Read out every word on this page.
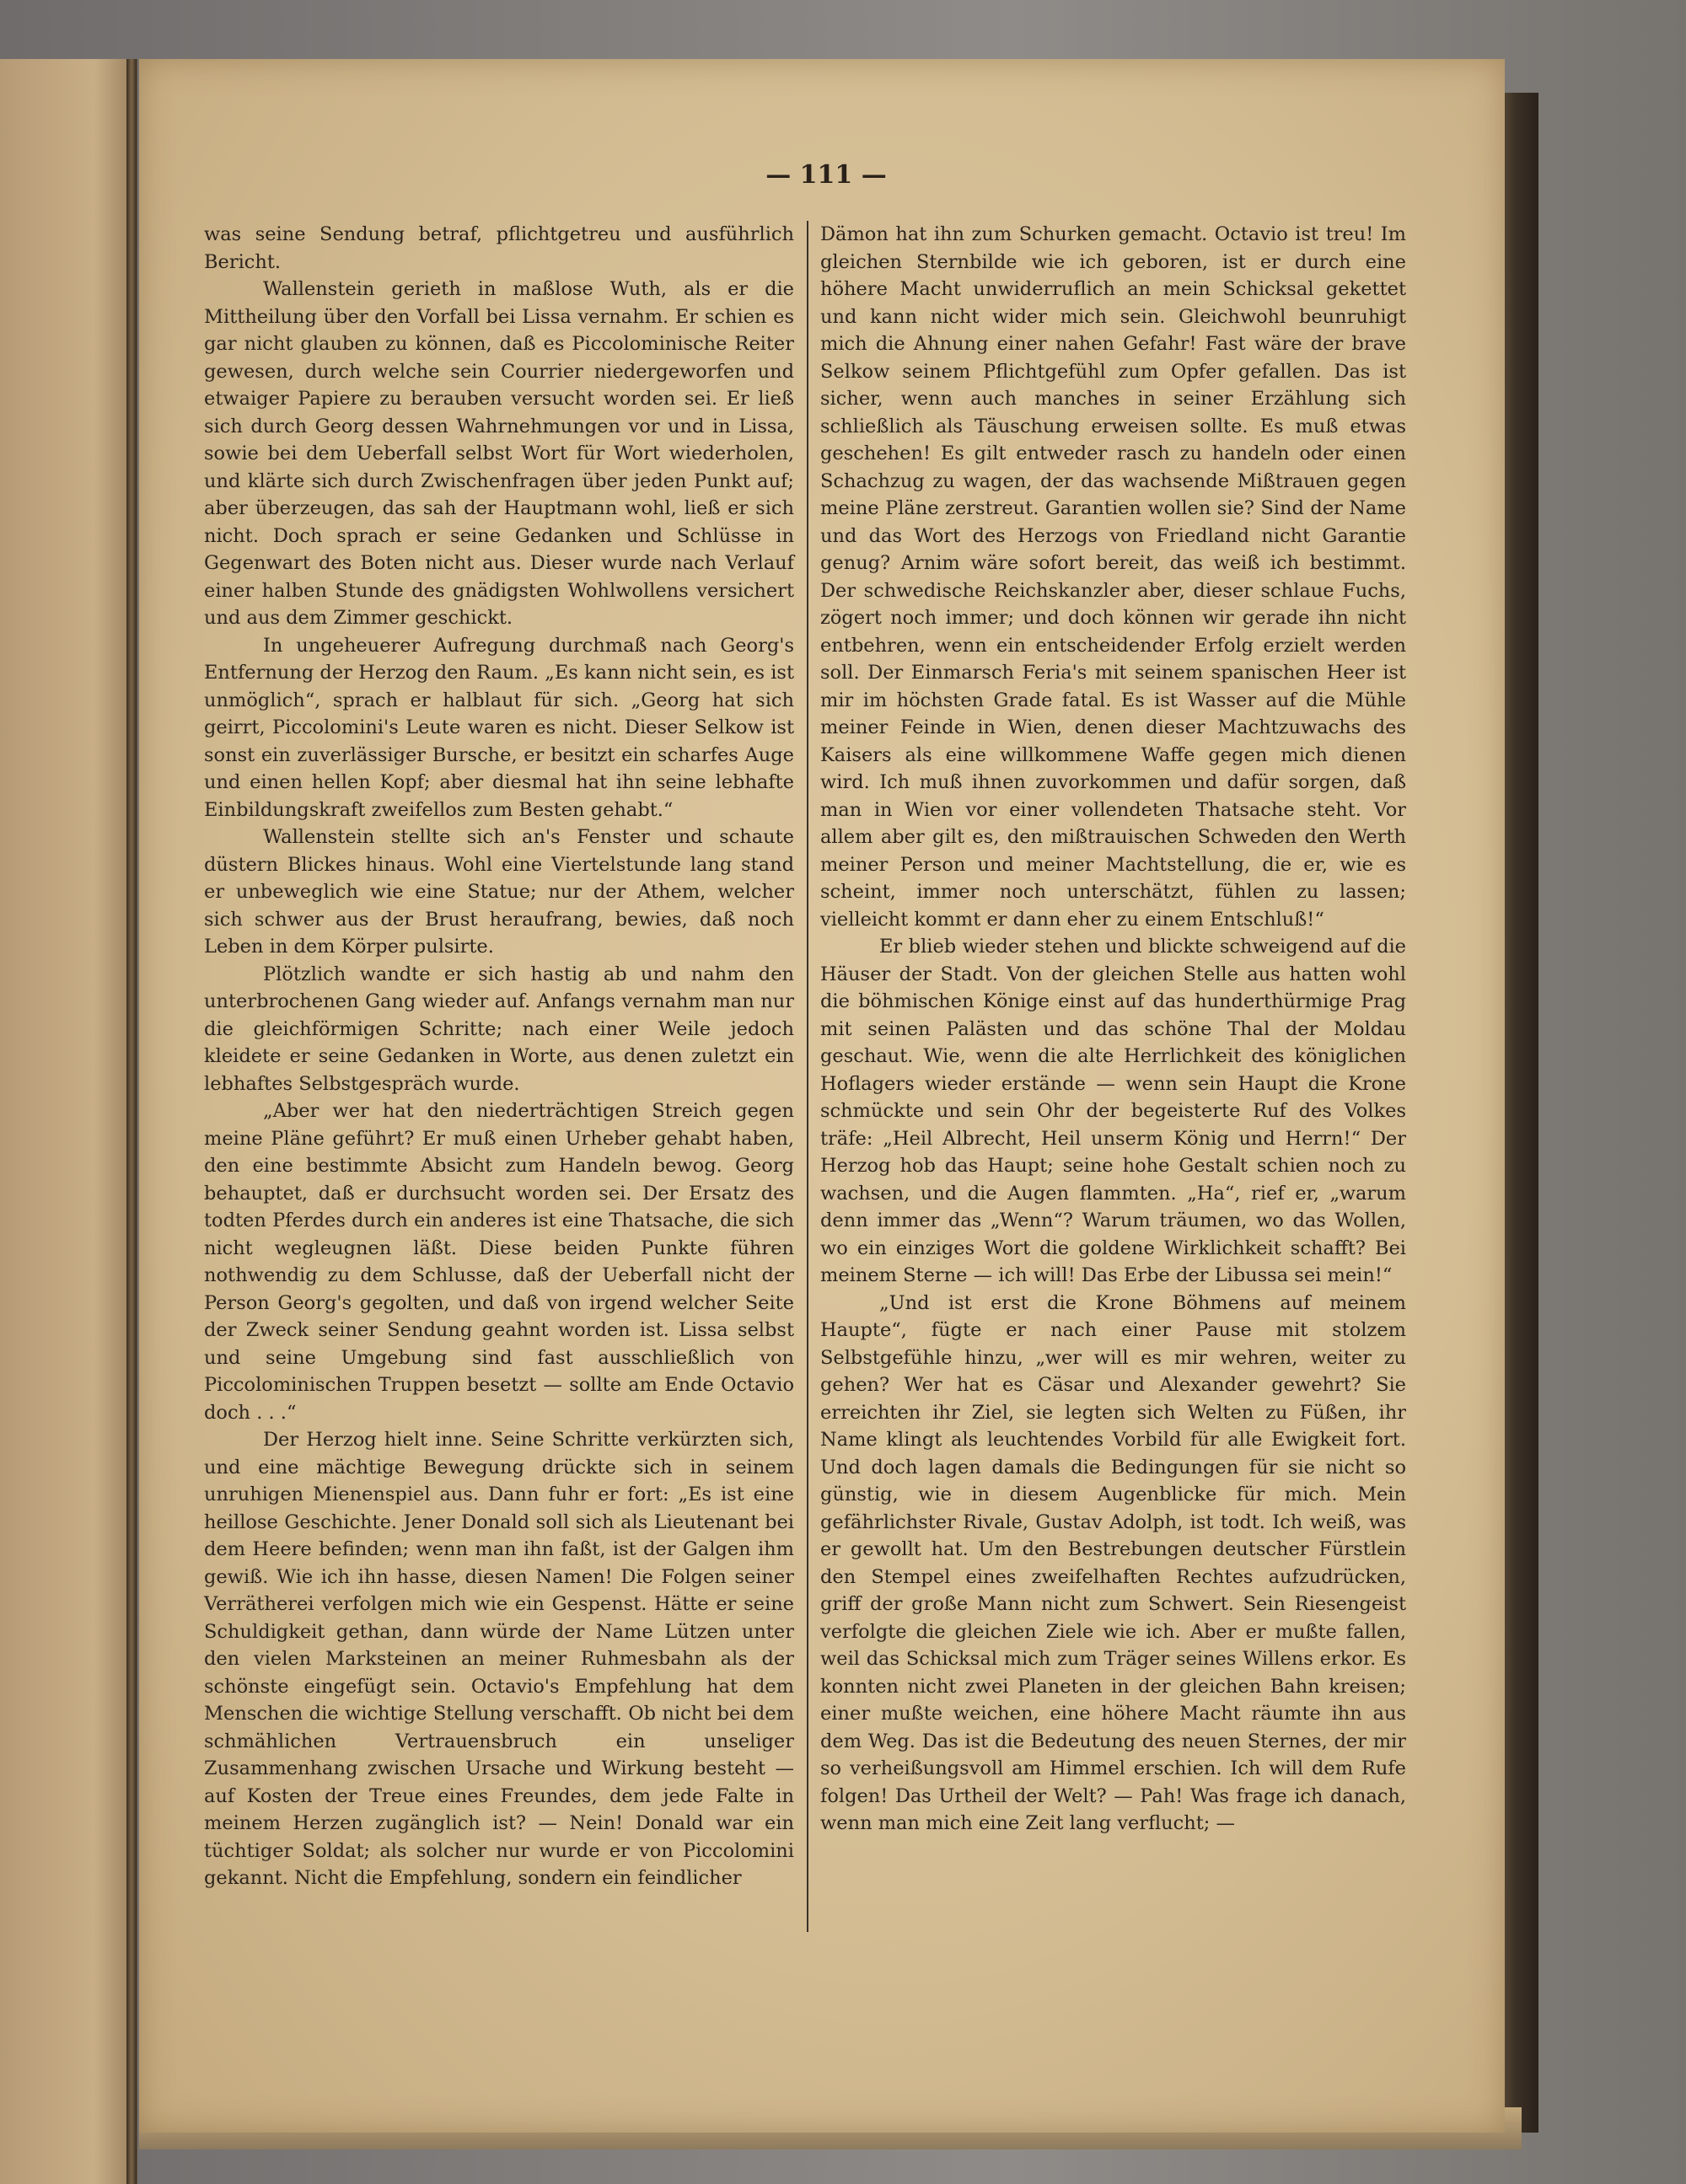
— 111 —

was seine Sendung betraf, pflichtgetreu und ausführlich Bericht.

Wallenstein gerieth in maßlose Wuth, als er die Mittheilung über den Vorfall bei Lissa vernahm. Er schien es gar nicht glauben zu können, daß es Piccolominische Reiter gewesen, durch welche sein Courrier niedergeworfen und etwaiger Papiere zu berauben versucht worden sei. Er ließ sich durch Georg dessen Wahrnehmungen vor und in Lissa, sowie bei dem Ueberfall selbst Wort für Wort wiederholen, und klärte sich durch Zwischenfragen über jeden Punkt auf; aber überzeugen, das sah der Hauptmann wohl, ließ er sich nicht. Doch sprach er seine Gedanken und Schlüsse in Gegenwart des Boten nicht aus. Dieser wurde nach Verlauf einer halben Stunde des gnädigsten Wohlwollens versichert und aus dem Zimmer geschickt.

In ungeheuerer Aufregung durchmaß nach Georg's Entfernung der Herzog den Raum. „Es kann nicht sein, es ist unmöglich“, sprach er halblaut für sich. „Georg hat sich geirrt, Piccolomini's Leute waren es nicht. Dieser Selkow ist sonst ein zuverlässiger Bursche, er besitzt ein scharfes Auge und einen hellen Kopf; aber diesmal hat ihn seine lebhafte Einbildungskraft zweifellos zum Besten gehabt.“

Wallenstein stellte sich an's Fenster und schaute düstern Blickes hinaus. Wohl eine Viertelstunde lang stand er unbeweglich wie eine Statue; nur der Athem, welcher sich schwer aus der Brust heraufrang, bewies, daß noch Leben in dem Körper pulsirte.

Plötzlich wandte er sich hastig ab und nahm den unterbrochenen Gang wieder auf. Anfangs vernahm man nur die gleichförmigen Schritte; nach einer Weile jedoch kleidete er seine Gedanken in Worte, aus denen zuletzt ein lebhaftes Selbstgespräch wurde.

„Aber wer hat den niederträchtigen Streich gegen meine Pläne geführt? Er muß einen Urheber gehabt haben, den eine bestimmte Absicht zum Handeln bewog. Georg behauptet, daß er durchsucht worden sei. Der Ersatz des todten Pferdes durch ein anderes ist eine Thatsache, die sich nicht wegleugnen läßt. Diese beiden Punkte führen nothwendig zu dem Schlusse, daß der Ueberfall nicht der Person Georg's gegolten, und daß von irgend welcher Seite der Zweck seiner Sendung geahnt worden ist. Lissa selbst und seine Umgebung sind fast ausschließlich von Piccolominischen Truppen besetzt — sollte am Ende Octavio doch . . .“

Der Herzog hielt inne. Seine Schritte verkürzten sich, und eine mächtige Bewegung drückte sich in seinem unruhigen Mienenspiel aus. Dann fuhr er fort: „Es ist eine heillose Geschichte. Jener Donald soll sich als Lieutenant bei dem Heere befinden; wenn man ihn faßt, ist der Galgen ihm gewiß. Wie ich ihn hasse, diesen Namen! Die Folgen seiner Verrätherei verfolgen mich wie ein Gespenst. Hätte er seine Schuldigkeit gethan, dann würde der Name Lützen unter den vielen Marksteinen an meiner Ruhmesbahn als der schönste eingefügt sein. Octavio's Empfehlung hat dem Menschen die wichtige Stellung verschafft. Ob nicht bei dem schmählichen Vertrauensbruch ein unseliger Zusammenhang zwischen Ursache und Wirkung besteht — auf Kosten der Treue eines Freundes, dem jede Falte in meinem Herzen zugänglich ist? — Nein! Donald war ein tüchtiger Soldat; als solcher nur wurde er von Piccolomini gekannt. Nicht die Empfehlung, sondern ein feindlicher

Dämon hat ihn zum Schurken gemacht. Octavio ist treu! Im gleichen Sternbilde wie ich geboren, ist er durch eine höhere Macht unwiderruflich an mein Schicksal gekettet und kann nicht wider mich sein. Gleichwohl beunruhigt mich die Ahnung einer nahen Gefahr! Fast wäre der brave Selkow seinem Pflichtgefühl zum Opfer gefallen. Das ist sicher, wenn auch manches in seiner Erzählung sich schließlich als Täuschung erweisen sollte. Es muß etwas geschehen! Es gilt entweder rasch zu handeln oder einen Schachzug zu wagen, der das wachsende Mißtrauen gegen meine Pläne zerstreut. Garantien wollen sie? Sind der Name und das Wort des Herzogs von Friedland nicht Garantie genug? Arnim wäre sofort bereit, das weiß ich bestimmt. Der schwedische Reichskanzler aber, dieser schlaue Fuchs, zögert noch immer; und doch können wir gerade ihn nicht entbehren, wenn ein entscheidender Erfolg erzielt werden soll. Der Einmarsch Feria's mit seinem spanischen Heer ist mir im höchsten Grade fatal. Es ist Wasser auf die Mühle meiner Feinde in Wien, denen dieser Machtzuwachs des Kaisers als eine willkommene Waffe gegen mich dienen wird. Ich muß ihnen zuvorkommen und dafür sorgen, daß man in Wien vor einer vollendeten Thatsache steht. Vor allem aber gilt es, den mißtrauischen Schweden den Werth meiner Person und meiner Machtstellung, die er, wie es scheint, immer noch unterschätzt, fühlen zu lassen; vielleicht kommt er dann eher zu einem Entschluß!“

Er blieb wieder stehen und blickte schweigend auf die Häuser der Stadt. Von der gleichen Stelle aus hatten wohl die böhmischen Könige einst auf das hunderthürmige Prag mit seinen Palästen und das schöne Thal der Moldau geschaut. Wie, wenn die alte Herrlichkeit des königlichen Hoflagers wieder erstände — wenn sein Haupt die Krone schmückte und sein Ohr der begeisterte Ruf des Volkes träfe: „Heil Albrecht, Heil unserm König und Herrn!“ Der Herzog hob das Haupt; seine hohe Gestalt schien noch zu wachsen, und die Augen flammten. „Ha“, rief er, „warum denn immer das „Wenn“? Warum träumen, wo das Wollen, wo ein einziges Wort die goldene Wirklichkeit schafft? Bei meinem Sterne — ich will! Das Erbe der Libussa sei mein!“

„Und ist erst die Krone Böhmens auf meinem Haupte“, fügte er nach einer Pause mit stolzem Selbstgefühle hinzu, „wer will es mir wehren, weiter zu gehen? Wer hat es Cäsar und Alexander gewehrt? Sie erreichten ihr Ziel, sie legten sich Welten zu Füßen, ihr Name klingt als leuchtendes Vorbild für alle Ewigkeit fort. Und doch lagen damals die Bedingungen für sie nicht so günstig, wie in diesem Augenblicke für mich. Mein gefährlichster Rivale, Gustav Adolph, ist todt. Ich weiß, was er gewollt hat. Um den Bestrebungen deutscher Fürstlein den Stempel eines zweifelhaften Rechtes aufzudrücken, griff der große Mann nicht zum Schwert. Sein Riesengeist verfolgte die gleichen Ziele wie ich. Aber er mußte fallen, weil das Schicksal mich zum Träger seines Willens erkor. Es konnten nicht zwei Planeten in der gleichen Bahn kreisen; einer mußte weichen, eine höhere Macht räumte ihn aus dem Weg. Das ist die Bedeutung des neuen Sternes, der mir so verheißungsvoll am Himmel erschien. Ich will dem Rufe folgen! Das Urtheil der Welt? — Pah! Was frage ich danach, wenn man mich eine Zeit lang verflucht; —
